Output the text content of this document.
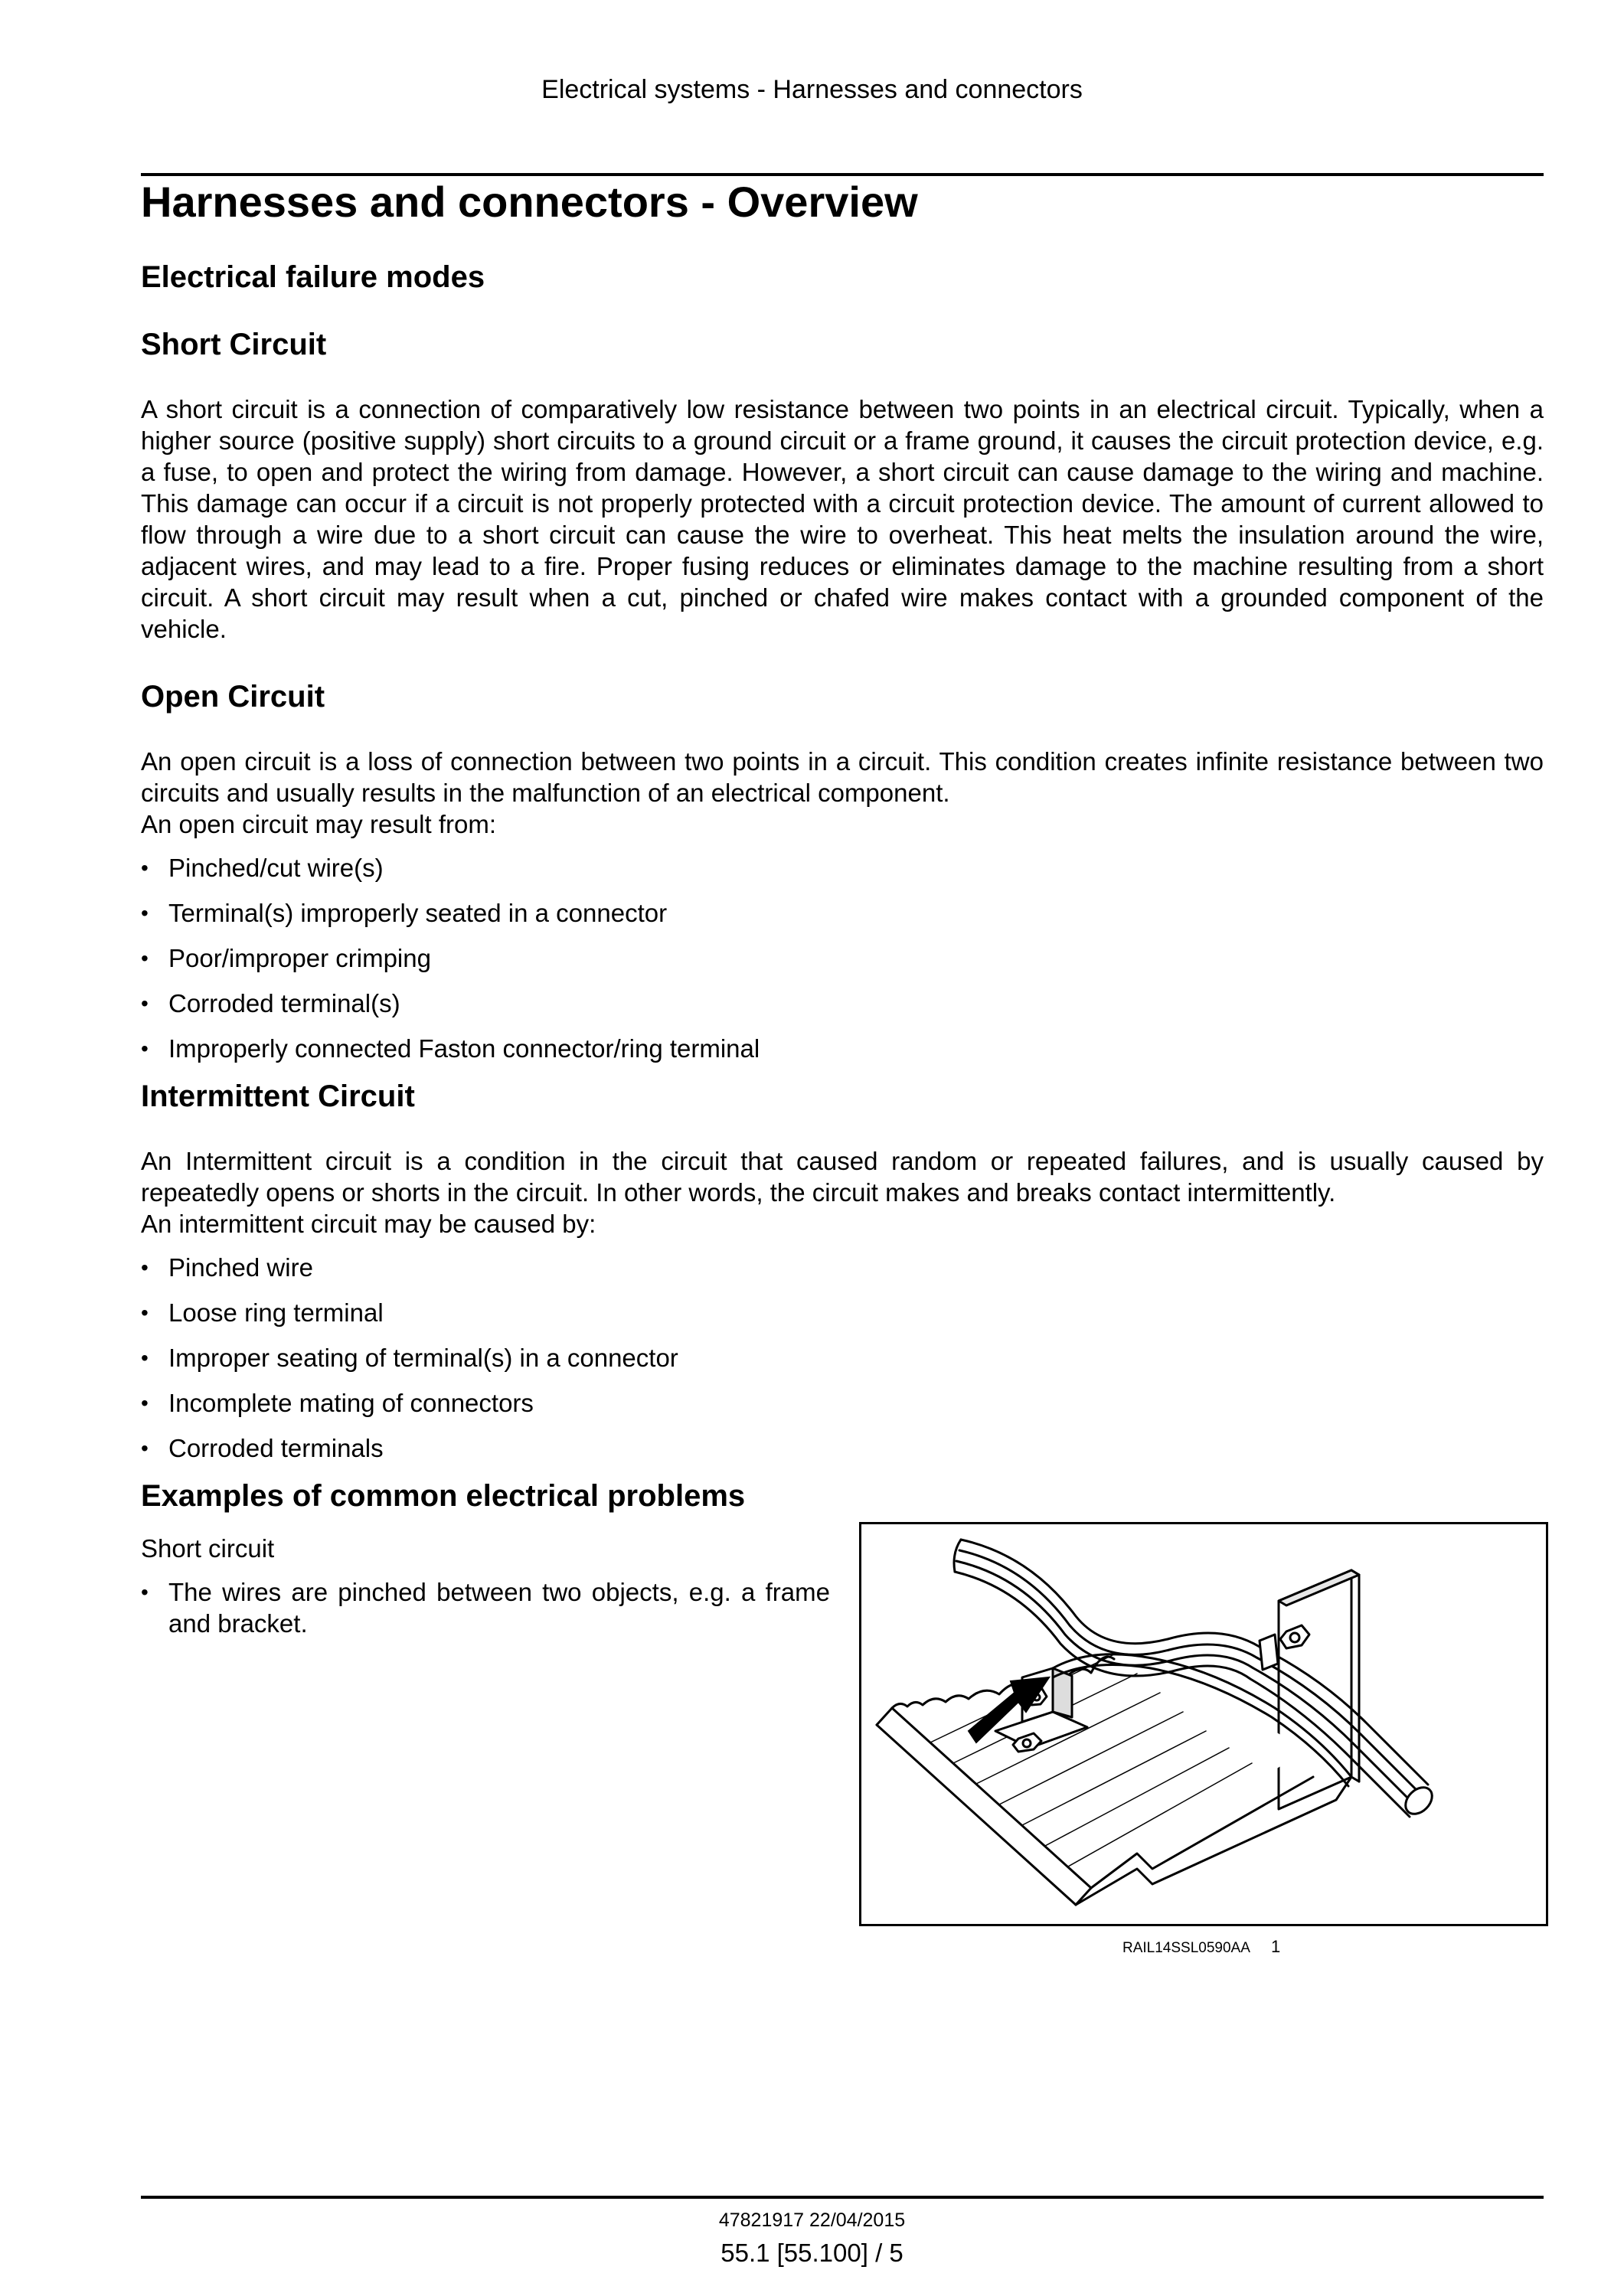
Electrical systems - Harnesses and connectors
Harnesses and connectors - Overview
Electrical failure modes
Short Circuit

A short circuit is a connection of comparatively low resistance between two points in an electrical circuit. Typically, when a higher source (positive supply) short circuits to a ground circuit or a frame ground, it causes the circuit protection device, e.g. a fuse, to open and protect the wiring from damage. However, a short circuit can cause damage to the wiring and machine. This damage can occur if a circuit is not properly protected with a circuit protection device. The amount of current allowed to flow through a wire due to a short circuit can cause the wire to overheat. This heat melts the insulation around the wire, adjacent wires, and may lead to a fire. Proper fusing reduces or eliminates damage to the machine resulting from a short circuit. A short circuit may result when a cut, pinched or chafed wire makes contact with a grounded component of the vehicle.

Open Circuit

An open circuit is a loss of connection between two points in a circuit. This condition creates infinite resistance between two circuits and usually results in the malfunction of an electrical component.

An open circuit may result from:

• Pinched/cut wire(s)
• Terminal(s) improperly seated in a connector
• Poor/improper crimping
• Corroded terminal(s)
• Improperly connected Faston connector/ring terminal
Intermittent Circuit

An Intermittent circuit is a condition in the circuit that caused random or repeated failures, and is usually caused by repeatedly opens or shorts in the circuit. In other words, the circuit makes and breaks contact intermittently.

An intermittent circuit may be caused by:

• Pinched wire
• Loose ring terminal
• Improper seating of terminal(s) in a connector
• Incomplete mating of connectors
• Corroded terminals
Examples of common electrical problems

Short circuit

• The wires are pinched between two objects, e.g. a frame and bracket.
RAIL14SSL0590AA 1
47821917 22/04/2015
55.1 [55.100] / 5
